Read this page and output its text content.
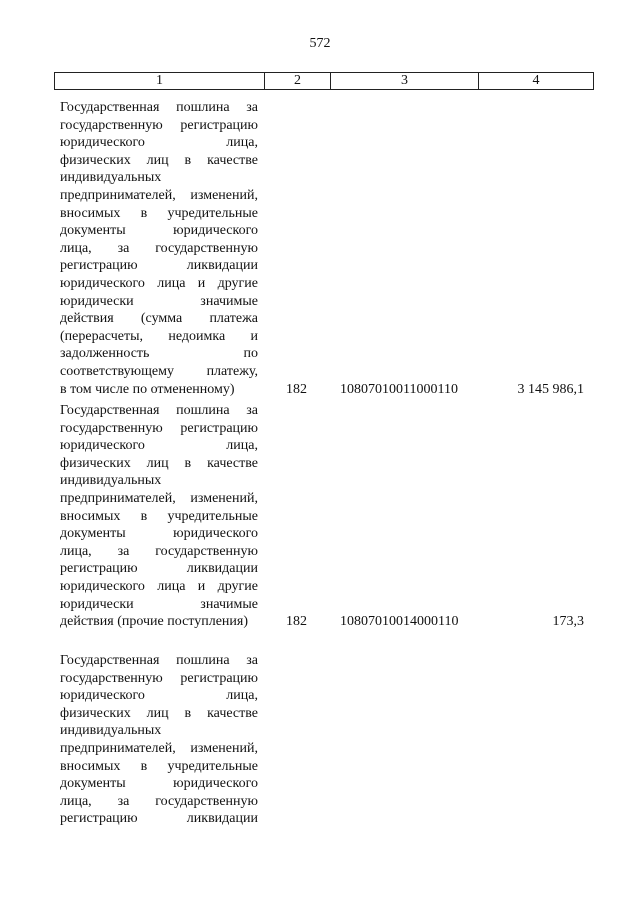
572
1	2	3	4
Государственная пошлина за
государственную регистрацию
юридического лица,
физических лиц в качестве
индивидуальных
предпринимателей, изменений,
вносимых в учредительные
документы юридического
лица, за государственную
регистрацию ликвидации
юридического лица и другие
юридически значимые
действия (сумма платежа
(перерасчеты, недоимка и
задолженность по
соответствующему платежу,
в том числе по отмененному)	182 10807010011000110	3 145 986,1
Государственная пошлина за
государственную регистрацию
юридического лица,
физических лиц в качестве
индивидуальных
предпринимателей, изменений,
вносимых в учредительные
документы юридического
лица, за государственную
регистрацию ликвидации
юридического лица и другие
юридически значимые
действия (прочие поступления)	182 10807010014000110	173,3
Государственная пошлина за
государственную регистрацию
юридического лица,
физических лиц в качестве
индивидуальных
предпринимателей, изменений,
вносимых в учредительные
документы юридического
лица, за государственную
регистрацию ликвидации
